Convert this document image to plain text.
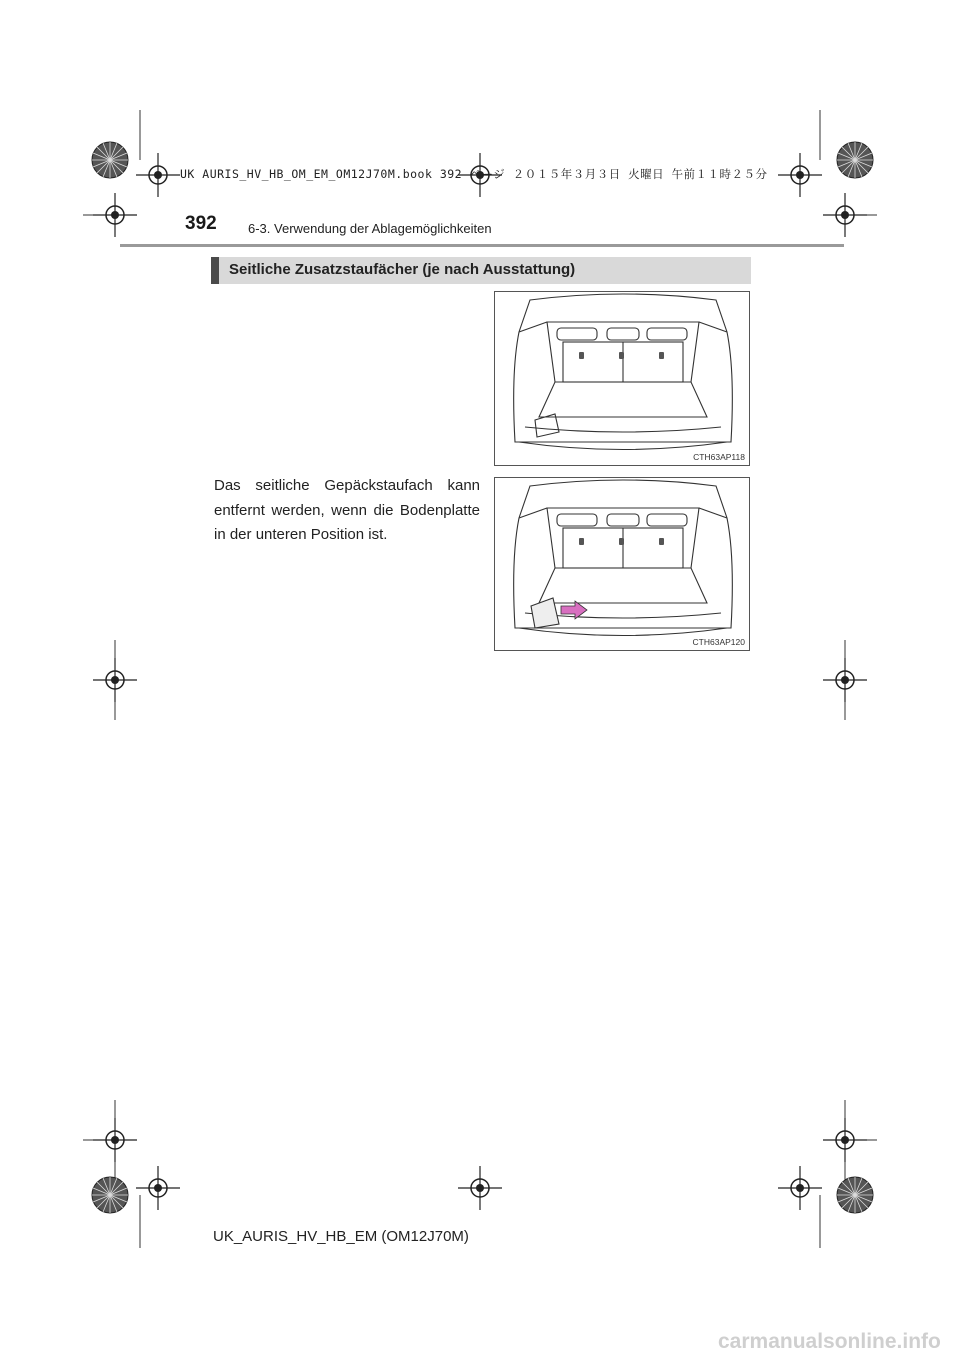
UK AURIS_HV_HB_OM_EM_OM12J70M.book 392 ページ ２０１５年３月３日 火曜日 午前１１時２５分
392 6-3. Verwendung der Ablagemöglichkeiten
Seitliche Zusatzstaufächer (je nach Ausstattung)
Das seitliche Gepäckstaufach kann entfernt werden, wenn die Bodenplatte in der unteren Position ist.
CTH63AP118
CTH63AP120
UK_AURIS_HV_HB_EM (OM12J70M)
carmanualsonline.info
